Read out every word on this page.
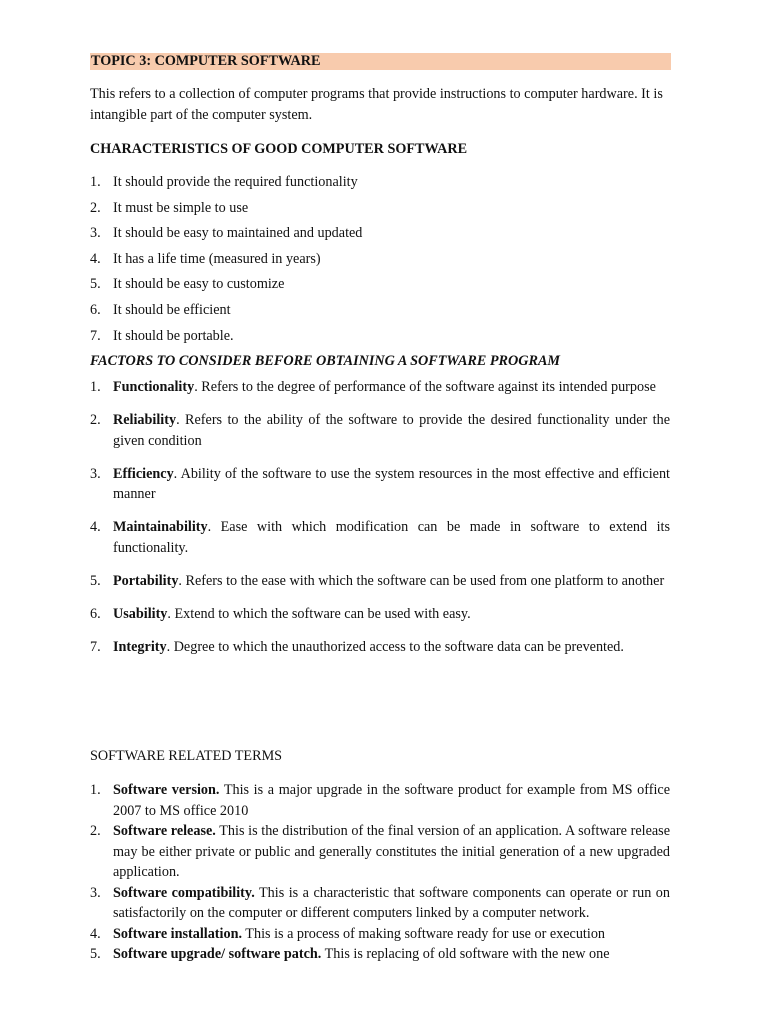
TOPIC 3: COMPUTER SOFTWARE
This refers to a collection of computer programs that provide instructions to computer hardware. It is intangible part of the computer system.
CHARACTERISTICS OF GOOD COMPUTER SOFTWARE
1. It should provide the required functionality
2. It must be simple to use
3. It should be easy to maintained and updated
4. It has a life time (measured in years)
5. It should be easy to customize
6. It should be efficient
7. It should be portable.
FACTORS TO CONSIDER BEFORE OBTAINING A SOFTWARE PROGRAM
1. Functionality. Refers to the degree of performance of the software against its intended purpose
2. Reliability. Refers to the ability of the software to provide the desired functionality under the given condition
3. Efficiency. Ability of the software to use the system resources in the most effective and efficient manner
4. Maintainability. Ease with which modification can be made in software to extend its functionality.
5. Portability. Refers to the ease with which the software can be used from one platform to another
6. Usability. Extend to which the software can be used with easy.
7. Integrity. Degree to which the unauthorized access to the software data can be prevented.
SOFTWARE RELATED TERMS
1. Software version. This is a major upgrade in the software product for example from MS office 2007 to MS office 2010
2. Software release. This is the distribution of the final version of an application. A software release may be either private or public and generally constitutes the initial generation of a new upgraded application.
3. Software compatibility. This is a characteristic that software components can operate or run on satisfactorily on the computer or different computers linked by a computer network.
4. Software installation. This is a process of making software ready for use or execution
5. Software upgrade/ software patch. This is replacing of old software with the new one
